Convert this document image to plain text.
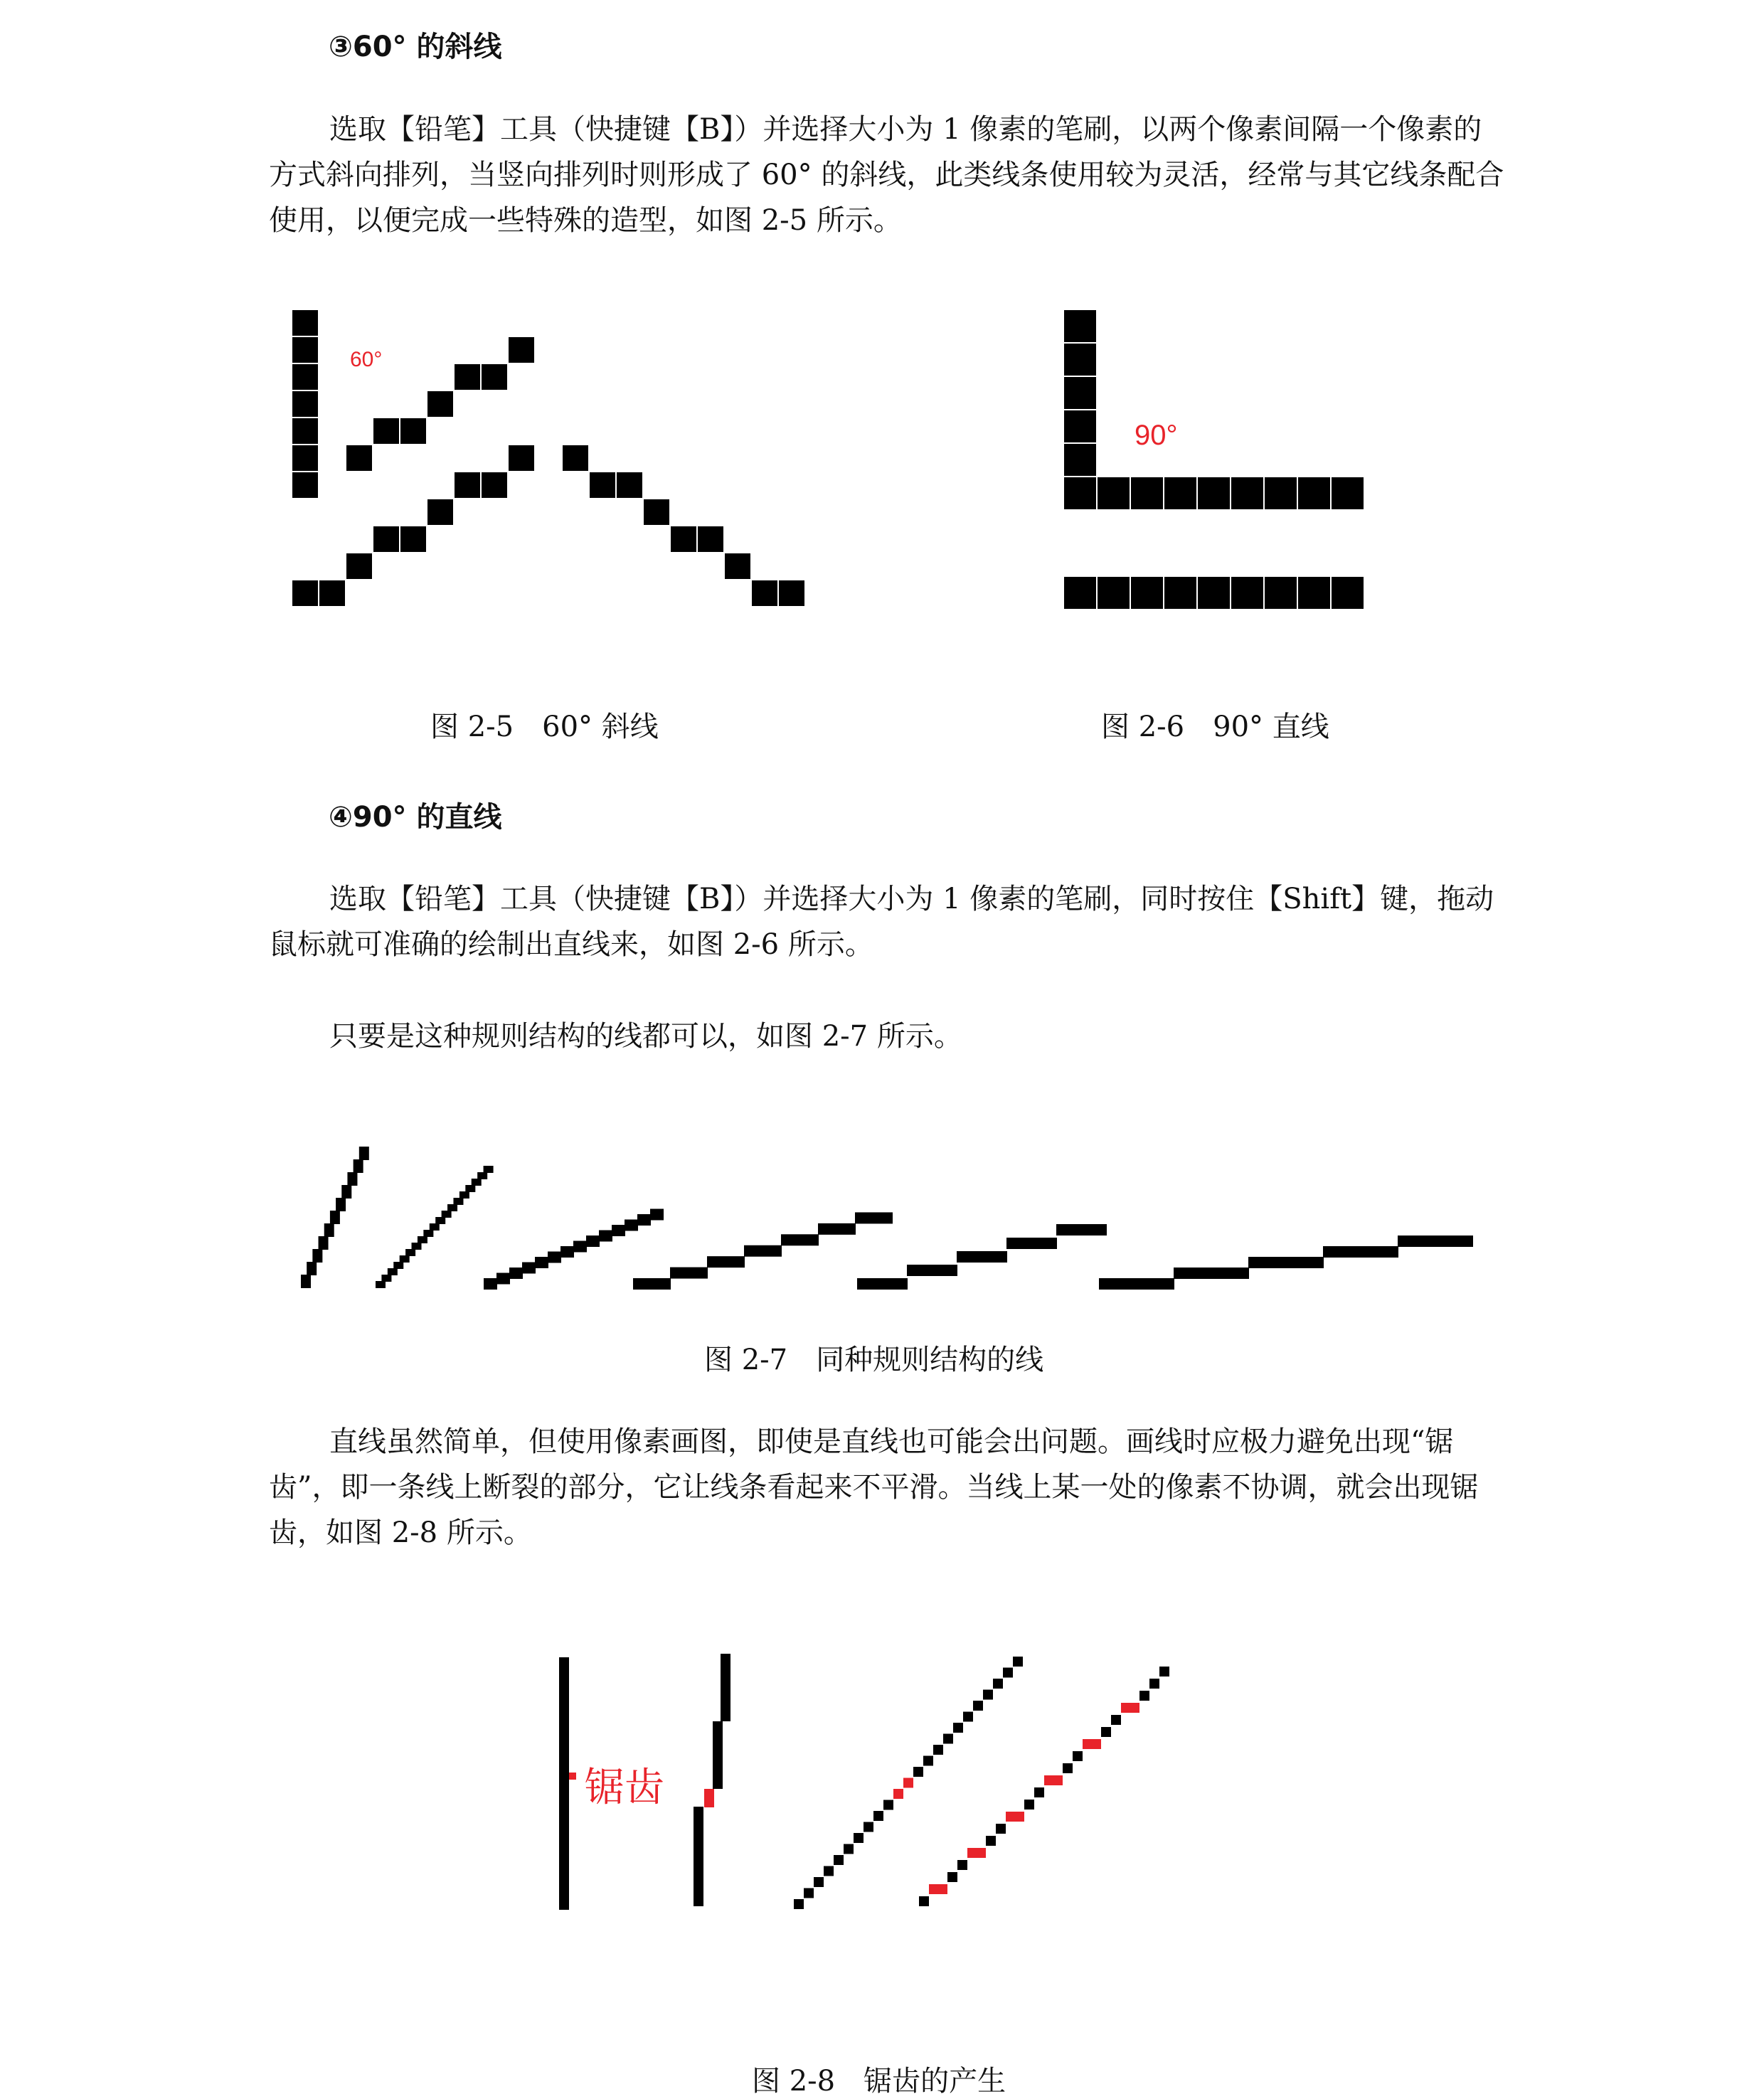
③60° 的斜线
选取【铅笔】工具（快捷键【B】）并选择大小为 1 像素的笔刷，以两个像素间隔一个像素的方式斜向排列，当竖向排列时则形成了 60° 的斜线，此类线条使用较为灵活，经常与其它线条配合使用，以便完成一些特殊的造型，如图 2-5 所示。
60°
图 2-5　60° 斜线
90°
图 2-6　90° 直线
④90° 的直线
选取【铅笔】工具（快捷键【B】）并选择大小为 1 像素的笔刷，同时按住【Shift】键，拖动鼠标就可准确的绘制出直线来，如图 2-6 所示。
只要是这种规则结构的线都可以，如图 2-7 所示。
图 2-7　同种规则结构的线
直线虽然简单，但使用像素画图，即使是直线也可能会出问题。画线时应极力避免出现“锯齿”，即一条线上断裂的部分，它让线条看起来不平滑。当线上某一处的像素不协调，就会出现锯齿，如图 2-8 所示。
锯齿
图 2-8　锯齿的产生
